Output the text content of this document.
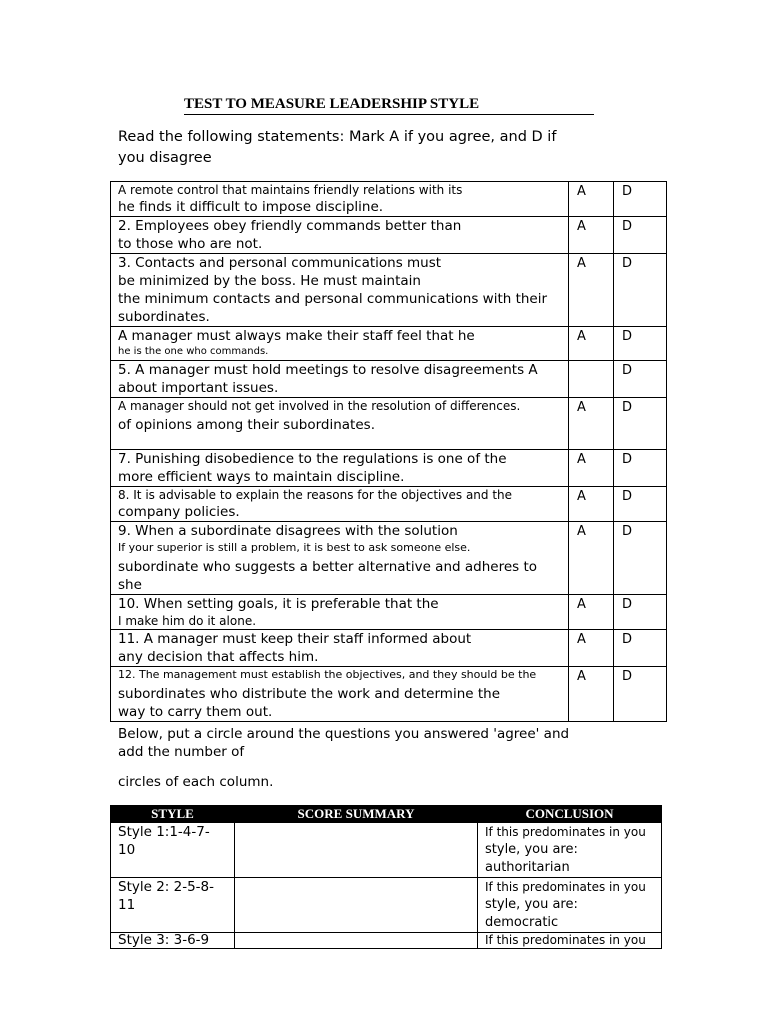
TEST TO MEASURE LEADERSHIP STYLE
Read the following statements: Mark A if you agree, and D if
you disagree
A remote control that maintains friendly relations with its
he finds it difficult to impose discipline.	A	D

2. Employees obey friendly commands better than
to those who are not.	A	D

3. Contacts and personal communications must
be minimized by the boss. He must maintain
the minimum contacts and personal communications with their
subordinates.	A	D

A manager must always make their staff feel that he
he is the one who commands.	A	D

5. A manager must hold meetings to resolve disagreements A
about important issues.		D

A manager should not get involved in the resolution of differences.
of opinions among their subordinates.	A	D

7. Punishing disobedience to the regulations is one of the
more efficient ways to maintain discipline.	A	D

8. It is advisable to explain the reasons for the objectives and the
company policies.	A	D

9. When a subordinate disagrees with the solution
If your superior is still a problem, it is best to ask someone else.
subordinate who suggests a better alternative and adheres to
she	A	D

10. When setting goals, it is preferable that the
I make him do it alone.	A	D

11. A manager must keep their staff informed about
any decision that affects him.	A	D

12. The management must establish the objectives, and they should be the
subordinates who distribute the work and determine the
way to carry them out.	A	D
Below, put a circle around the questions you answered 'agree' and
add the number of
circles of each column.
STYLE	SCORE SUMMARY	CONCLUSION

Style 1:1-4-7-
10		If this predominates in you
style, you are:
authoritarian

Style 2: 2-5-8-
11		If this predominates in you
style, you are:
democratic

Style 3: 3-6-9		If this predominates in you
